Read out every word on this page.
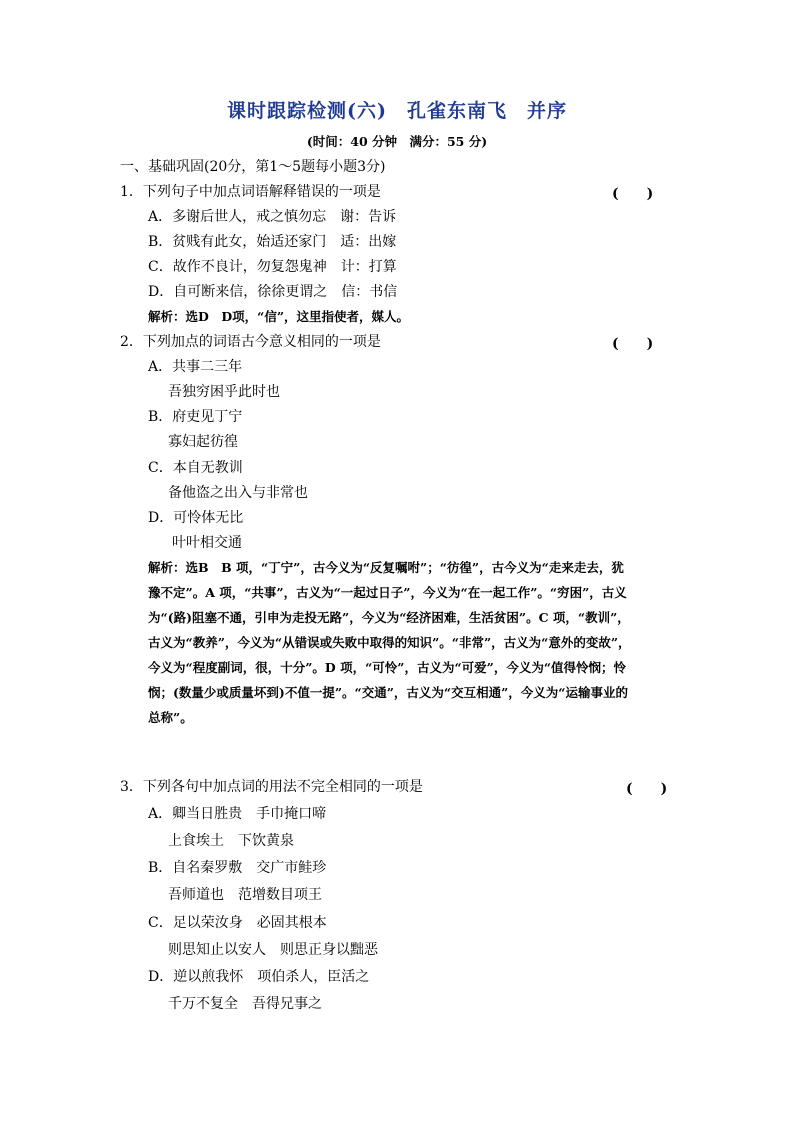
课时跟踪检测(六)　孔雀东南飞　并序
(时间：40 分钟　满分：55 分)
一、基础巩固(20分，第1～5题每小题3分)
1．下列句子中加点词语解释错误的一项是	(　　)
A．多谢后世人，戒之慎勿忘　谢：告诉
B．贫贱有此女，始适还家门　适：出嫁
C．故作不良计，勿复怨鬼神　计：打算
D．自可断来信，徐徐更谓之　信：书信
解析：选D　D项，“信”，这里指使者，媒人。
2．下列加点的词语古今意义相同的一项是	(　　)
A．共事二三年
吾独穷困乎此时也
B．府吏见丁宁
寡妇起彷徨
C．本自无教训
备他盗之出入与非常也
D．可怜体无比
叶叶相交通
解析：选B　B 项，“丁宁”，古今义为“反复嘱咐”；“彷徨”，古今义为“走来走去，犹
豫不定”。A 项，“共事”，古义为“一起过日子”，今义为“在一起工作”。“穷困”，古义
为“(路)阻塞不通，引申为走投无路”，今义为“经济困难，生活贫困”。C 项，“教训”，
古义为“教养”，今义为“从错误或失败中取得的知识”。“非常”，古义为“意外的变故”，
今义为“程度副词，很，十分”。D 项，“可怜”，古义为“可爱”，今义为“值得怜悯；怜
悯；(数量少或质量坏到)不值一提”。“交通”，古义为“交互相通”，今义为“运输事业的
总称”。
3．下列各句中加点词的用法不完全相同的一项是	(　　)
A．卿当日胜贵　手巾掩口啼
上食埃土　下饮黄泉
B．自名秦罗敷　交广市鲑珍
吾师道也　范增数目项王
C．足以荣汝身　必固其根本
则思知止以安人　则思正身以黜恶
D．逆以煎我怀　项伯杀人，臣活之
千万不复全　吾得兄事之
